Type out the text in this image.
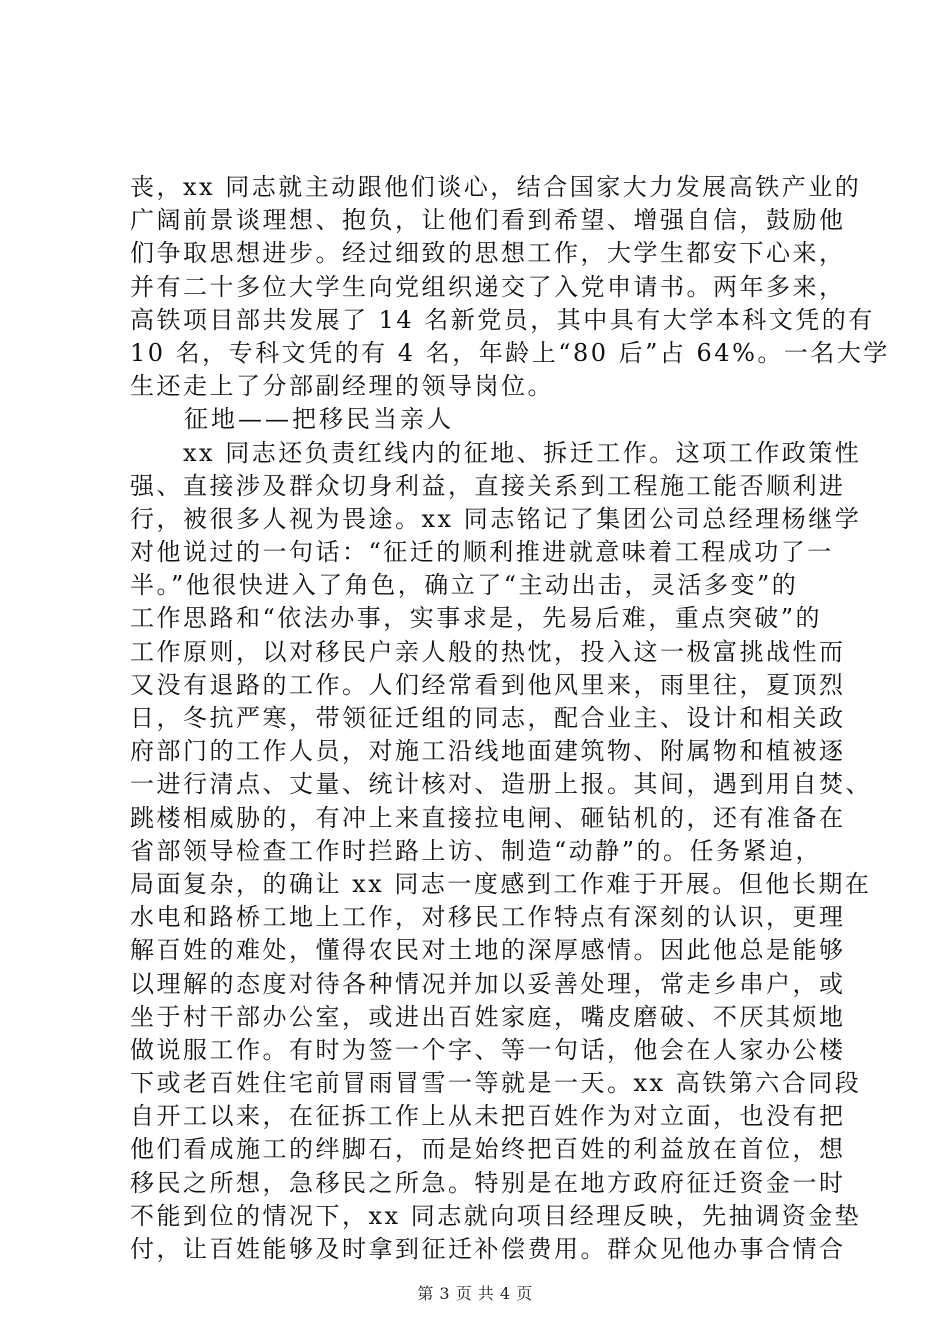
丧，xx 同志就主动跟他们谈心，结合国家大力发展高铁产业的
广阔前景谈理想、抱负，让他们看到希望、增强自信，鼓励他
们争取思想进步。经过细致的思想工作，大学生都安下心来，
并有二十多位大学生向党组织递交了入党申请书。两年多来，
高铁项目部共发展了 14 名新党员，其中具有大学本科文凭的有
10 名，专科文凭的有 4 名，年龄上“80 后”占 64%。一名大学
生还走上了分部副经理的领导岗位。
　　征地——把移民当亲人
　　xx 同志还负责红线内的征地、拆迁工作。这项工作政策性
强、直接涉及群众切身利益，直接关系到工程施工能否顺利进
行，被很多人视为畏途。xx 同志铭记了集团公司总经理杨继学
对他说过的一句话：“征迁的顺利推进就意味着工程成功了一
半。”他很快进入了角色，确立了“主动出击，灵活多变”的
工作思路和“依法办事，实事求是，先易后难，重点突破”的
工作原则，以对移民户亲人般的热忱，投入这一极富挑战性而
又没有退路的工作。人们经常看到他风里来，雨里往，夏顶烈
日，冬抗严寒，带领征迁组的同志，配合业主、设计和相关政
府部门的工作人员，对施工沿线地面建筑物、附属物和植被逐
一进行清点、丈量、统计核对、造册上报。其间，遇到用自焚、
跳楼相威胁的，有冲上来直接拉电闸、砸钻机的，还有准备在
省部领导检查工作时拦路上访、制造“动静”的。任务紧迫，
局面复杂，的确让 xx 同志一度感到工作难于开展。但他长期在
水电和路桥工地上工作，对移民工作特点有深刻的认识，更理
解百姓的难处，懂得农民对土地的深厚感情。因此他总是能够
以理解的态度对待各种情况并加以妥善处理，常走乡串户，或
坐于村干部办公室，或进出百姓家庭，嘴皮磨破、不厌其烦地
做说服工作。有时为签一个字、等一句话，他会在人家办公楼
下或老百姓住宅前冒雨冒雪一等就是一天。xx 高铁第六合同段
自开工以来，在征拆工作上从未把百姓作为对立面，也没有把
他们看成施工的绊脚石，而是始终把百姓的利益放在首位，想
移民之所想，急移民之所急。特别是在地方政府征迁资金一时
不能到位的情况下，xx 同志就向项目经理反映，先抽调资金垫
付，让百姓能够及时拿到征迁补偿费用。群众见他办事合情合
第 3 页 共 4 页
